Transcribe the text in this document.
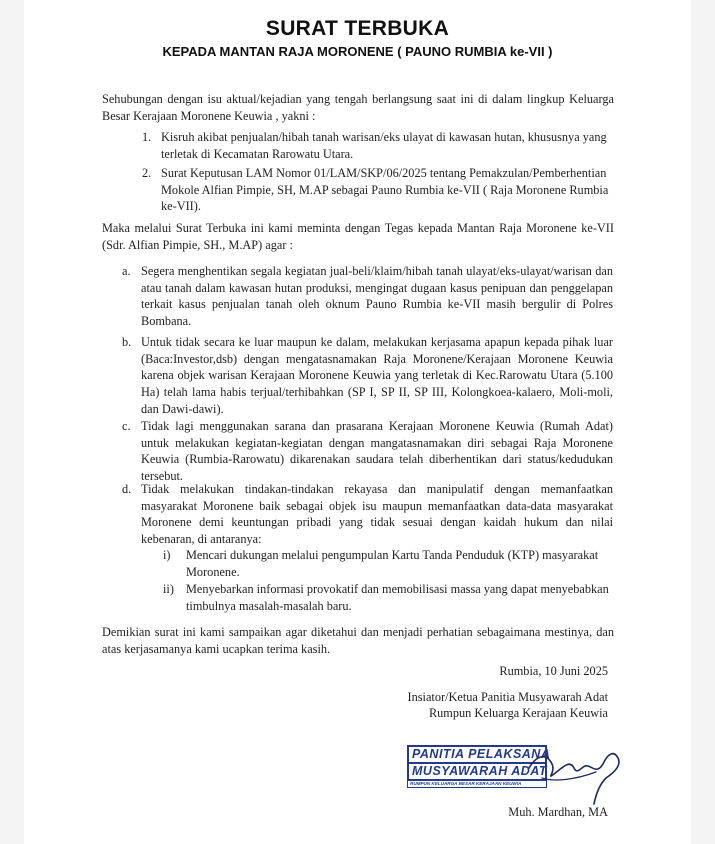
SURAT TERBUKA
KEPADA MANTAN RAJA MORONENE ( PAUNO RUMBIA ke-VII )
Sehubungan dengan isu aktual/kejadian yang tengah berlangsung saat ini di dalam lingkup Keluarga Besar Kerajaan Moronene Keuwia , yakni :
1. Kisruh akibat penjualan/hibah tanah warisan/eks ulayat di kawasan hutan, khususnya yang terletak di Kecamatan Rarowatu Utara.
2. Surat Keputusan LAM Nomor 01/LAM/SKP/06/2025 tentang Pemakzulan/Pemberhentian Mokole Alfian Pimpie, SH, M.AP sebagai Pauno Rumbia ke-VII ( Raja Moronene Rumbia ke-VII).
Maka melalui Surat Terbuka ini kami meminta dengan Tegas kepada Mantan Raja Moronene ke-VII (Sdr. Alfian Pimpie, SH., M.AP) agar :
a. Segera menghentikan segala kegiatan jual-beli/klaim/hibah tanah ulayat/eks-ulayat/warisan dan atau tanah dalam kawasan hutan produksi, mengingat dugaan kasus penipuan dan penggelapan terkait kasus penjualan tanah oleh oknum Pauno Rumbia ke-VII masih bergulir di Polres Bombana.
b. Untuk tidak secara ke luar maupun ke dalam, melakukan kerjasama apapun kepada pihak luar (Baca:Investor,dsb) dengan mengatasnamakan Raja Moronene/Kerajaan Moronene Keuwia karena objek warisan Kerajaan Moronene Keuwia yang terletak di Kec.Rarowatu Utara (5.100 Ha) telah lama habis terjual/terhibahkan (SP I, SP II, SP III, Kolongkoea-kalaero, Moli-moli, dan Dawi-dawi).
c. Tidak lagi menggunakan sarana dan prasarana Kerajaan Moronene Keuwia (Rumah Adat) untuk melakukan kegiatan-kegiatan dengan mangatasnamakan diri sebagai Raja Moronene Keuwia (Rumbia-Rarowatu) dikarenakan saudara telah diberhentikan dari status/kedudukan tersebut.
d. Tidak melakukan tindakan-tindakan rekayasa dan manipulatif dengan memanfaatkan masyarakat Moronene baik sebagai objek isu maupun memanfaatkan data-data masyarakat Moronene demi keuntungan pribadi yang tidak sesuai dengan kaidah hukum dan nilai kebenaran, di antaranya:
i) Mencari dukungan melalui pengumpulan Kartu Tanda Penduduk (KTP) masyarakat Moronene.
ii) Menyebarkan informasi provokatif dan memobilisasi massa yang dapat menyebabkan timbulnya masalah-masalah baru.
Demikian surat ini kami sampaikan agar diketahui dan menjadi perhatian sebagaimana mestinya, dan atas kerjasamanya kami ucapkan terima kasih.
Rumbia, 10 Juni 2025
Insiator/Ketua Panitia Musyawarah Adat
Rumpun Keluarga Kerajaan Keuwia
PANITIA PELAKSANA
MUSYAWARAH ADAT
RUMPUN KELUARGA BESAR KERAJAAN KEUWIA
Muh. Mardhan, MA
